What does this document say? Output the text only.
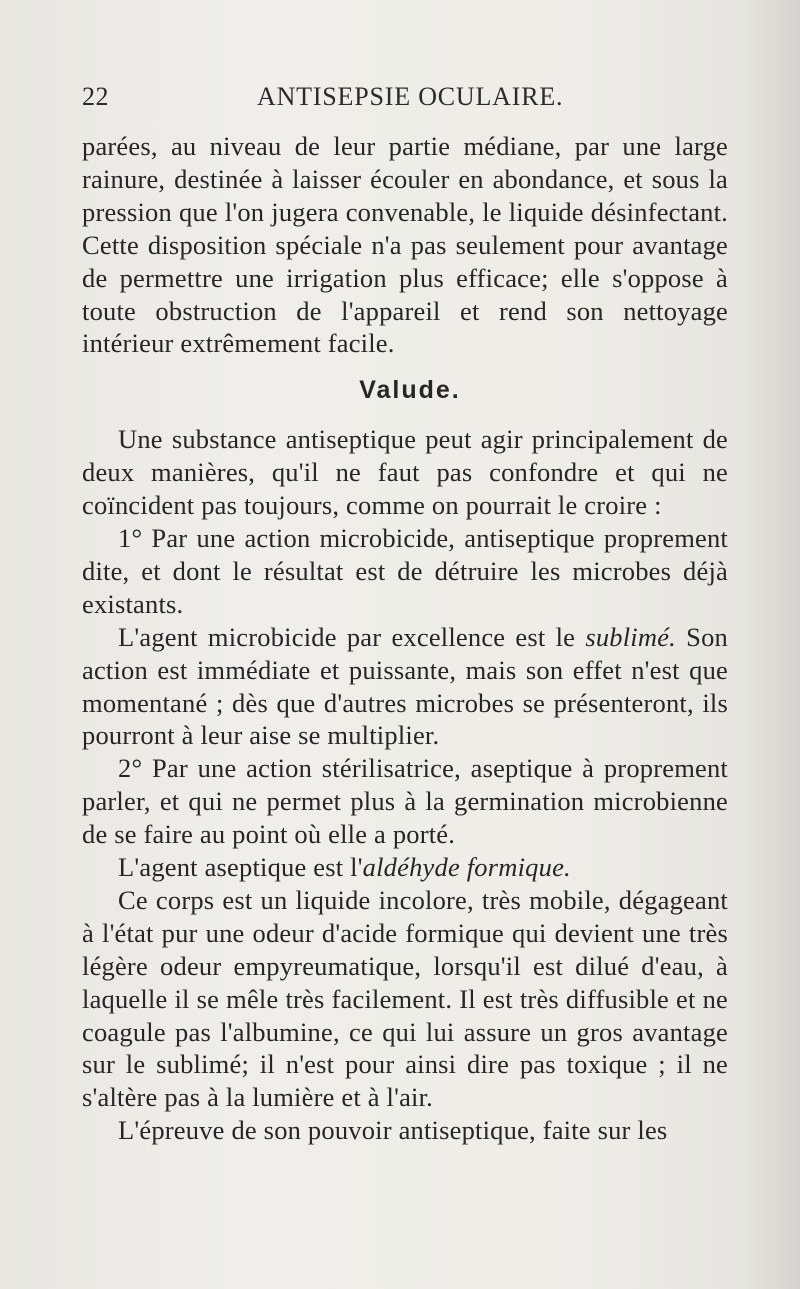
22	ANTISEPSIE OCULAIRE.

parées, au niveau de leur partie médiane, par une large rainure, destinée à laisser écouler en abondance, et sous la pression que l'on jugera convenable, le liquide désinfectant. Cette disposition spéciale n'a pas seulement pour avantage de permettre une irrigation plus efficace; elle s'oppose à toute obstruction de l'appareil et rend son nettoyage intérieur extrêmement facile.

Valude.

Une substance antiseptique peut agir principalement de deux manières, qu'il ne faut pas confondre et qui ne coïncident pas toujours, comme on pourrait le croire :

1° Par une action microbicide, antiseptique proprement dite, et dont le résultat est de détruire les microbes déjà existants.

L'agent microbicide par excellence est le sublimé. Son action est immédiate et puissante, mais son effet n'est que momentané ; dès que d'autres microbes se présenteront, ils pourront à leur aise se multiplier.

2° Par une action stérilisatrice, aseptique à proprement parler, et qui ne permet plus à la germination microbienne de se faire au point où elle a porté.

L'agent aseptique est l'aldéhyde formique.

Ce corps est un liquide incolore, très mobile, dégageant à l'état pur une odeur d'acide formique qui devient une très légère odeur empyreumatique, lorsqu'il est dilué d'eau, à laquelle il se mêle très facilement. Il est très diffusible et ne coagule pas l'albumine, ce qui lui assure un gros avantage sur le sublimé; il n'est pour ainsi dire pas toxique ; il ne s'altère pas à la lumière et à l'air.

L'épreuve de son pouvoir antiseptique, faite sur les
